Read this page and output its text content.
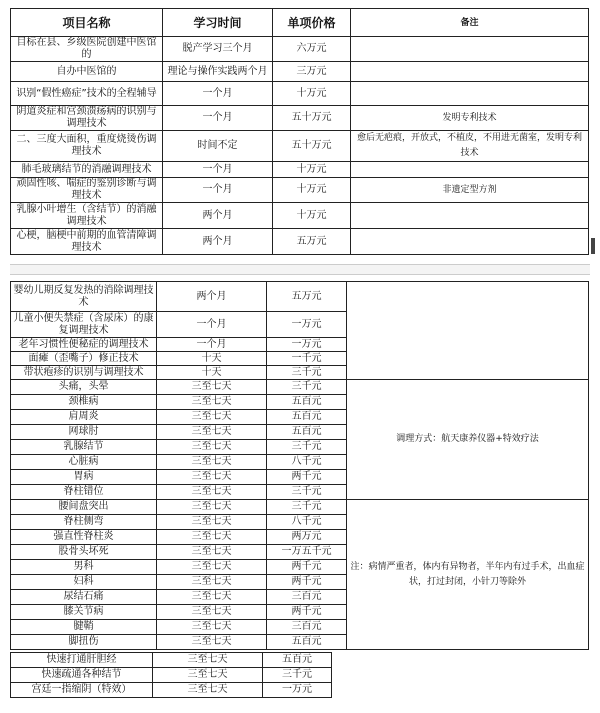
项目名称	学习时间	单项价格	备注
目标在县、乡级医院创建中医馆的	脱产学习三个月	六万元	
自办中医馆的	理论与操作实践两个月	三万元	
识别“假性癌症”技术的全程辅导	一个月	十万元	
阴道炎症和宫颈溃疡病的识别与调理技术	一个月	五十万元	发明专利技术
二、三度大面积，重度烧烫伤调理技术	时间不定	五十万元	愈后无疤痕，开放式，不植皮，不用进无菌室，发明专利技术
肺毛玻璃结节的消融调理技术	一个月	十万元	
顽固性咳、喘症的鉴别诊断与调理技术	一个月	十万元	非遗定型方剂
乳腺小叶增生（含结节）的消融调理技术	两个月	十万元	
心梗，脑梗中前期的血管清障调理技术	两个月	五万元	
婴幼儿期反复发热的消除调理技术	两个月	五万元	
儿童小便失禁症（含尿床）的康复调理技术	一个月	一万元	
老年习惯性便秘症的调理技术	一个月	一万元	
面瘫（歪嘴子）修正技术	十天	一千元	
带状疱疹的识别与调理技术	十天	三千元	
头痛，头晕	三至七天	三千元	调理方式：航天康养仪器+特效疗法
颈椎病	三至七天	五百元	
肩周炎	三至七天	五百元	
网球肘	三至七天	五百元	
乳腺结节	三至七天	三千元	
心脏病	三至七天	八千元	
胃病	三至七天	两千元	
脊柱错位	三至七天	三千元	
腰间盘突出	三至七天	三千元	注：病情严重者，体内有异物者，半年内有过手术，出血症状，打过封闭，小针刀等除外
脊柱侧弯	三至七天	八千元	
强直性脊柱炎	三至七天	两万元	
股骨头坏死	三至七天	一万五千元	
男科	三至七天	两千元	
妇科	三至七天	两千元	
尿结石痛	三至七天	三百元	
膝关节病	三至七天	两千元	
腱鞘	三至七天	三百元	
脚扭伤	三至七天	五百元	
快速打通肝胆经	三至七天	五百元
快速疏通各种结节	三至七天	三千元
宫廷一指缩阴（特效）	三至七天	一万元
